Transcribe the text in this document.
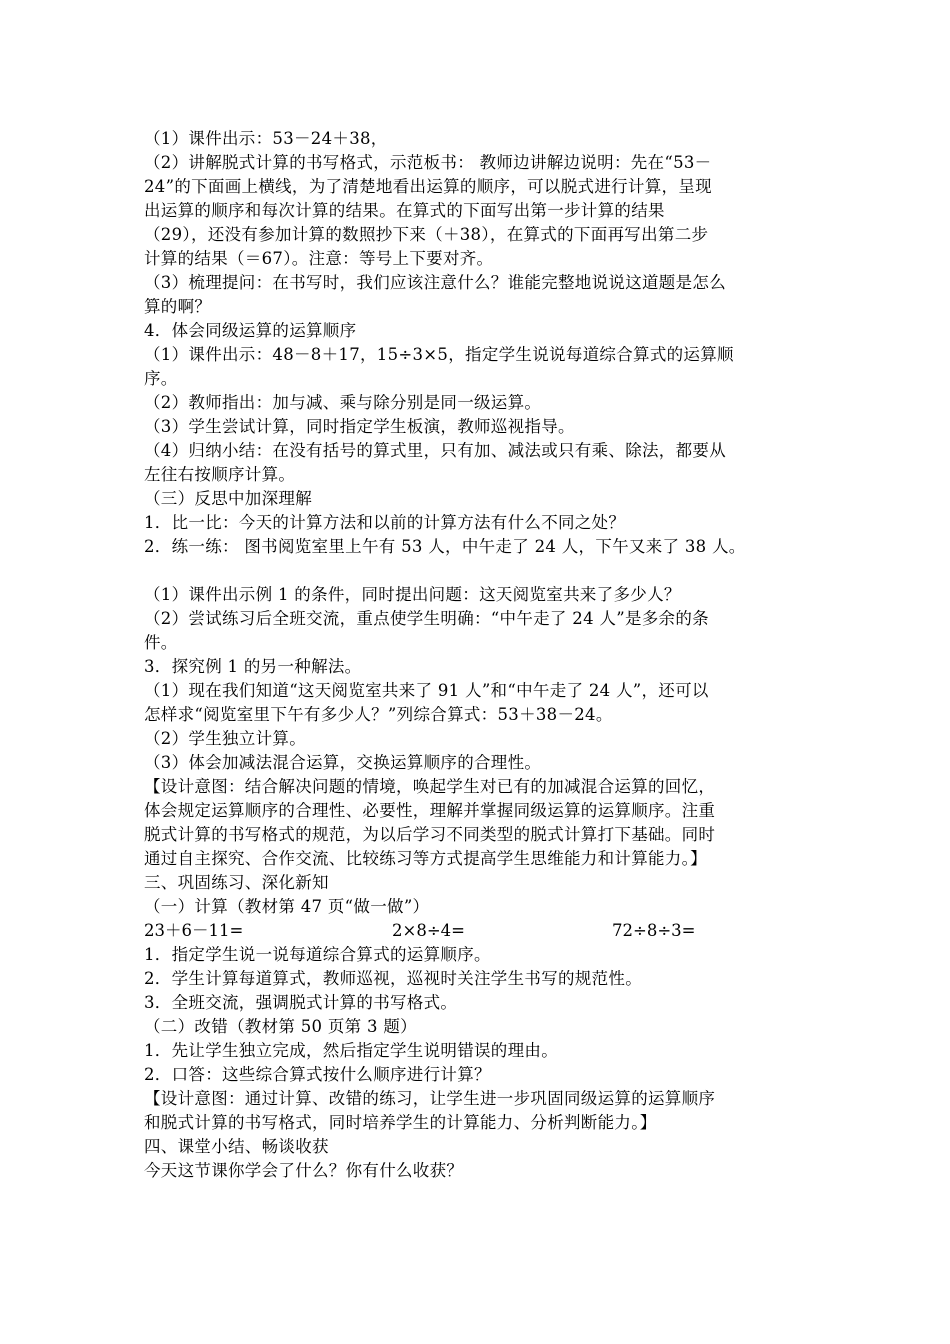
（1）课件出示：53－24＋38，
（2）讲解脱式计算的书写格式，示范板书： 教师边讲解边说明：先在“53－
24”的下面画上横线，为了清楚地看出运算的顺序，可以脱式进行计算，呈现
出运算的顺序和每次计算的结果。在算式的下面写出第一步计算的结果
（29），还没有参加计算的数照抄下来（＋38），在算式的下面再写出第二步
计算的结果（＝67）。注意：等号上下要对齐。
（3）梳理提问：在书写时，我们应该注意什么？谁能完整地说说这道题是怎么
算的啊？
4．体会同级运算的运算顺序
（1）课件出示：48－8＋17，15÷3×5，指定学生说说每道综合算式的运算顺
序。
（2）教师指出：加与减、乘与除分别是同一级运算。
（3）学生尝试计算，同时指定学生板演，教师巡视指导。
（4）归纳小结：在没有括号的算式里，只有加、减法或只有乘、除法，都要从
左往右按顺序计算。
（三）反思中加深理解
1．比一比：今天的计算方法和以前的计算方法有什么不同之处？
2．练一练： 图书阅览室里上午有 53 人，中午走了 24 人，下午又来了 38 人。
（1）课件出示例 1 的条件，同时提出问题：这天阅览室共来了多少人？
（2）尝试练习后全班交流，重点使学生明确：“中午走了 24 人”是多余的条
件。
3．探究例 1 的另一种解法。
（1）现在我们知道“这天阅览室共来了 91 人”和“中午走了 24 人”，还可以
怎样求“阅览室里下午有多少人？”列综合算式：53＋38－24。
（2）学生独立计算。
（3）体会加减法混合运算，交换运算顺序的合理性。
【设计意图：结合解决问题的情境，唤起学生对已有的加减混合运算的回忆，
体会规定运算顺序的合理性、必要性，理解并掌握同级运算的运算顺序。注重
脱式计算的书写格式的规范，为以后学习不同类型的脱式计算打下基础。同时
通过自主探究、合作交流、比较练习等方式提高学生思维能力和计算能力。】
三、巩固练习、深化新知
（一）计算（教材第 47 页“做一做”）
23＋6－11=	2×8÷4=	72÷8÷3=
1．指定学生说一说每道综合算式的运算顺序。
2．学生计算每道算式，教师巡视，巡视时关注学生书写的规范性。
3．全班交流，强调脱式计算的书写格式。
（二）改错（教材第 50 页第 3 题）
1．先让学生独立完成，然后指定学生说明错误的理由。
2．口答：这些综合算式按什么顺序进行计算？
【设计意图：通过计算、改错的练习，让学生进一步巩固同级运算的运算顺序
和脱式计算的书写格式，同时培养学生的计算能力、分析判断能力。】
四、课堂小结、畅谈收获
今天这节课你学会了什么？你有什么收获？
